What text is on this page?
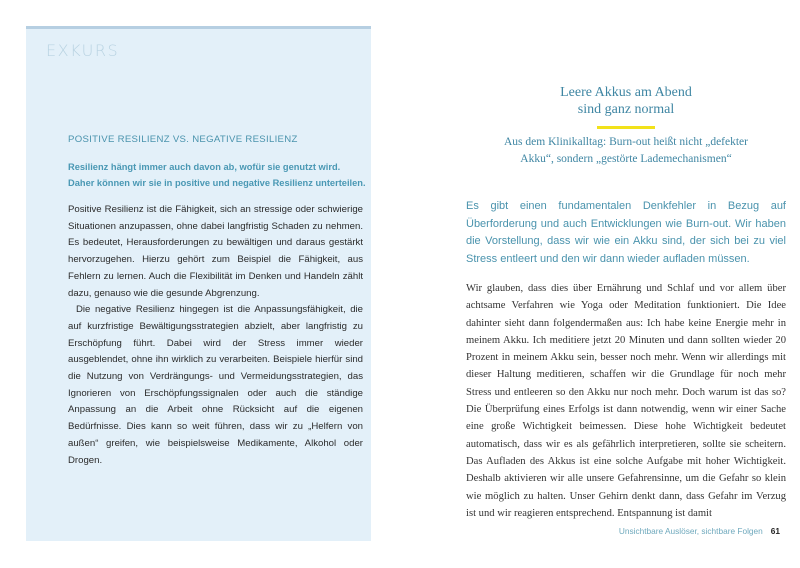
EXKURS
POSITIVE RESILIENZ VS. NEGATIVE RESILIENZ
Resilienz hängt immer auch davon ab, wofür sie genutzt wird.
Daher können wir sie in positive und negative Resilienz unterteilen.

Positive Resilienz ist die Fähigkeit, sich an stressige oder schwierige Situationen anzupassen, ohne dabei langfristig Schaden zu nehmen. Es bedeutet, Herausforderungen zu bewältigen und daraus gestärkt hervorzugehen. Hierzu gehört zum Beispiel die Fähigkeit, aus Fehlern zu lernen. Auch die Flexibilität im Denken und Handeln zählt dazu, genauso wie die gesunde Abgrenzung.

Die negative Resilienz hingegen ist die Anpassungsfähigkeit, die auf kurzfristige Bewältigungsstrategien abzielt, aber langfristig zu Erschöpfung führt. Dabei wird der Stress immer wieder ausgeblendet, ohne ihn wirklich zu verarbeiten. Beispiele hierfür sind die Nutzung von Verdrängungs- und Vermeidungsstrategien, das Ignorieren von Erschöpfungssignalen oder auch die ständige Anpassung an die Arbeit ohne Rücksicht auf die eigenen Bedürfnisse. Dies kann so weit führen, dass wir zu „Helfern von außen“ greifen, wie beispielsweise Medikamente, Alkohol oder Drogen.

Leere Akkus am Abend
sind ganz normal
Aus dem Klinikalltag: Burn-out heißt nicht „defekter
Akku“, sondern „gestörte Lademechanismen“
Es gibt einen fundamentalen Denkfehler in Bezug auf Überforderung und auch Entwicklungen wie Burn-out. Wir haben die Vorstellung, dass wir wie ein Akku sind, der sich bei zu viel Stress entleert und den wir dann wieder aufladen müssen.
Wir glauben, dass dies über Ernährung und Schlaf und vor allem über achtsame Verfahren wie Yoga oder Meditation funktioniert. Die Idee dahinter sieht dann folgendermaßen aus: Ich habe keine Energie mehr in meinem Akku. Ich meditiere jetzt 20 Minuten und dann sollten wieder 20 Prozent in meinem Akku sein, besser noch mehr. Wenn wir allerdings mit dieser Haltung meditieren, schaffen wir die Grundlage für noch mehr Stress und entleeren so den Akku nur noch mehr. Doch warum ist das so? Die Überprüfung eines Erfolgs ist dann notwendig, wenn wir einer Sache eine große Wichtigkeit beimessen. Diese hohe Wichtigkeit bedeutet automatisch, dass wir es als gefährlich interpretieren, sollte sie scheitern. Das Aufladen des Akkus ist eine solche Aufgabe mit hoher Wichtigkeit. Deshalb aktivieren wir alle unsere Gefahrensinne, um die Gefahr so klein wie möglich zu halten. Unser Gehirn denkt dann, dass Gefahr im Verzug ist und wir reagieren entsprechend. Entspannung ist damit
Unsichtbare Auslöser, sichtbare Folgen 61
